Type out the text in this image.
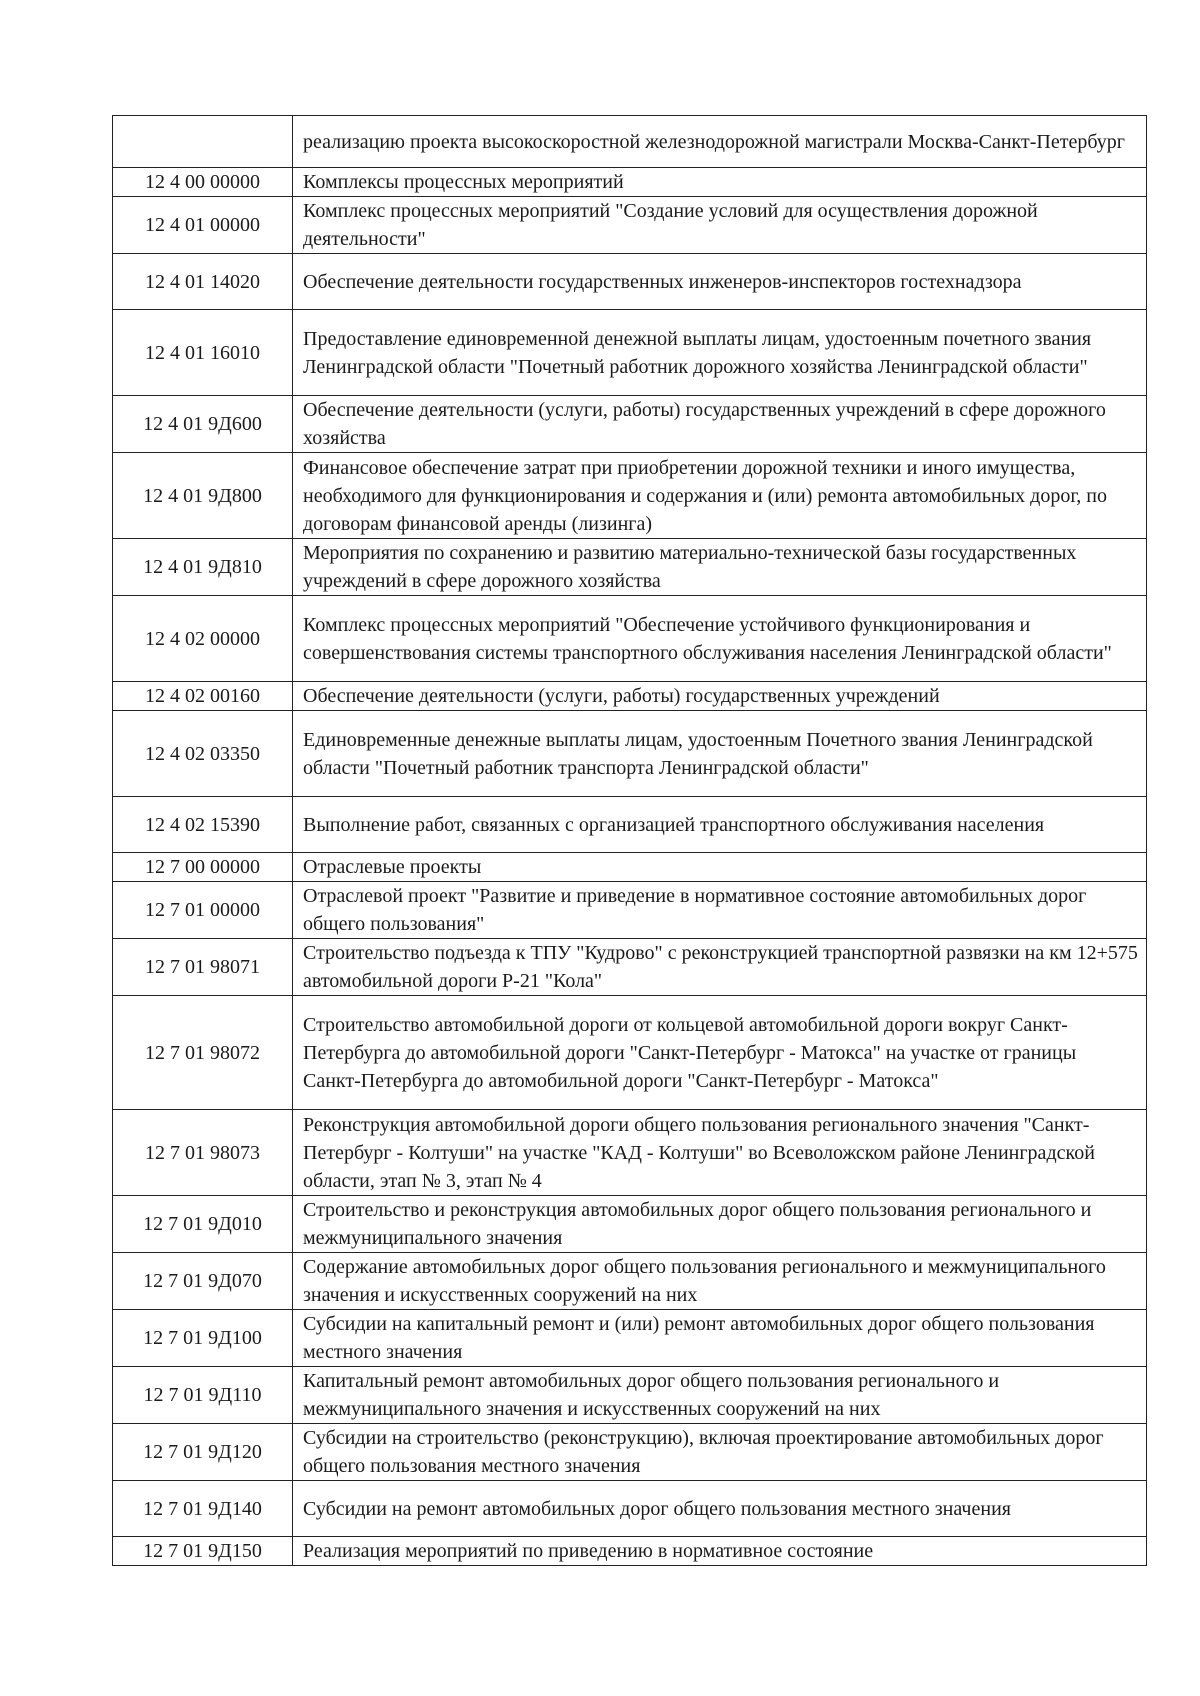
	реализацию проекта высокоскоростной железнодорожной магистрали Москва-Санкт-Петербург
12 4 00 00000	Комплексы процессных мероприятий
12 4 01 00000	Комплекс процессных мероприятий "Создание условий для осуществления дорожной деятельности"
12 4 01 14020	Обеспечение деятельности государственных инженеров-инспекторов гостехнадзора
12 4 01 16010	Предоставление единовременной денежной выплаты лицам, удостоенным почетного звания Ленинградской области "Почетный работник дорожного хозяйства Ленинградской области"
12 4 01 9Д600	Обеспечение деятельности (услуги, работы) государственных учреждений в сфере дорожного хозяйства
12 4 01 9Д800	Финансовое обеспечение затрат при приобретении дорожной техники и иного имущества, необходимого для функционирования и содержания и (или) ремонта автомобильных дорог, по договорам финансовой аренды (лизинга)
12 4 01 9Д810	Мероприятия по сохранению и развитию материально-технической базы государственных учреждений в сфере дорожного хозяйства
12 4 02 00000	Комплекс процессных мероприятий "Обеспечение устойчивого функционирования и совершенствования системы транспортного обслуживания населения Ленинградской области"
12 4 02 00160	Обеспечение деятельности (услуги, работы) государственных учреждений
12 4 02 03350	Единовременные денежные выплаты лицам, удостоенным Почетного звания Ленинградской области "Почетный работник транспорта Ленинградской области"
12 4 02 15390	Выполнение работ, связанных с организацией транспортного обслуживания населения
12 7 00 00000	Отраслевые проекты
12 7 01 00000	Отраслевой проект "Развитие и приведение в нормативное состояние автомобильных дорог общего пользования"
12 7 01 98071	Строительство подъезда к ТПУ "Кудрово" с реконструкцией транспортной развязки на км 12+575 автомобильной дороги Р-21 "Кола"
12 7 01 98072	Строительство автомобильной дороги от кольцевой автомобильной дороги вокруг Санкт-Петербурга до автомобильной дороги "Санкт-Петербург - Матокса" на участке от границы Санкт-Петербурга до автомобильной дороги "Санкт-Петербург - Матокса"
12 7 01 98073	Реконструкция автомобильной дороги общего пользования регионального значения "Санкт-Петербург - Колтуши" на участке "КАД - Колтуши" во Всеволожском районе Ленинградской области, этап № 3, этап № 4
12 7 01 9Д010	Строительство и реконструкция автомобильных дорог общего пользования регионального и межмуниципального значения
12 7 01 9Д070	Содержание автомобильных дорог общего пользования регионального и межмуниципального значения и искусственных сооружений на них
12 7 01 9Д100	Субсидии на капитальный ремонт и (или) ремонт автомобильных дорог общего пользования местного значения
12 7 01 9Д110	Капитальный ремонт автомобильных дорог общего пользования регионального и межмуниципального значения и искусственных сооружений на них
12 7 01 9Д120	Субсидии на строительство (реконструкцию), включая проектирование автомобильных дорог общего пользования местного значения
12 7 01 9Д140	Субсидии на ремонт автомобильных дорог общего пользования местного значения
12 7 01 9Д150	Реализация мероприятий по приведению в нормативное состояние
